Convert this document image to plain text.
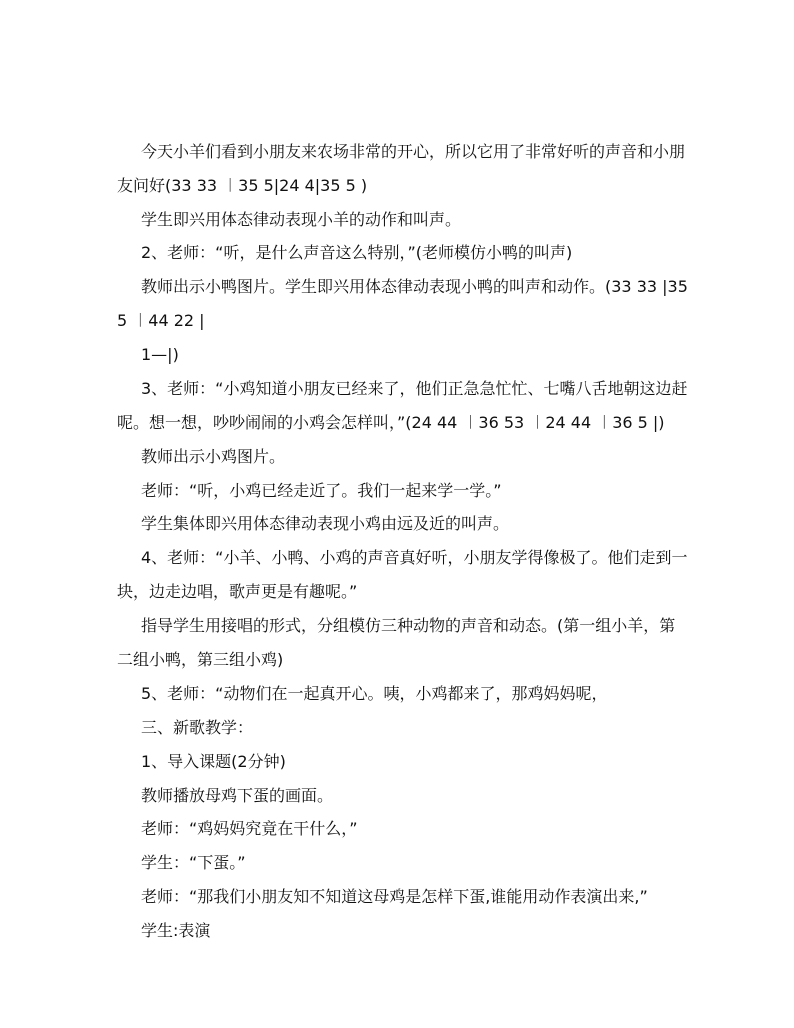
今天小羊们看到小朋友来农场非常的开心，所以它用了非常好听的声音和小朋
友问好(33 33 ︱35 5|24 4|35 5 )
学生即兴用体态律动表现小羊的动作和叫声。
2、老师：“听，是什么声音这么特别，”(老师模仿小鸭的叫声)
教师出示小鸭图片。学生即兴用体态律动表现小鸭的叫声和动作。(33 33 |35
5 ︱44 22 |
1—|)
3、老师：“小鸡知道小朋友已经来了，他们正急急忙忙、七嘴八舌地朝这边赶
呢。想一想，吵吵闹闹的小鸡会怎样叫，”(24 44 ︱36 53 ︱24 44 ︱36 5 |)
教师出示小鸡图片。
老师：“听，小鸡已经走近了。我们一起来学一学。”
学生集体即兴用体态律动表现小鸡由远及近的叫声。
4、老师：“小羊、小鸭、小鸡的声音真好听，小朋友学得像极了。他们走到一
块，边走边唱，歌声更是有趣呢。”
指导学生用接唱的形式，分组模仿三种动物的声音和动态。(第一组小羊，第
二组小鸭，第三组小鸡)
5、老师：“动物们在一起真开心。咦，小鸡都来了，那鸡妈妈呢，
三、新歌教学：
1、导入课题(2分钟)
教师播放母鸡下蛋的画面。
老师：“鸡妈妈究竟在干什么，”
学生：“下蛋。”
老师：“那我们小朋友知不知道这母鸡是怎样下蛋,谁能用动作表演出来,”
学生:表演
